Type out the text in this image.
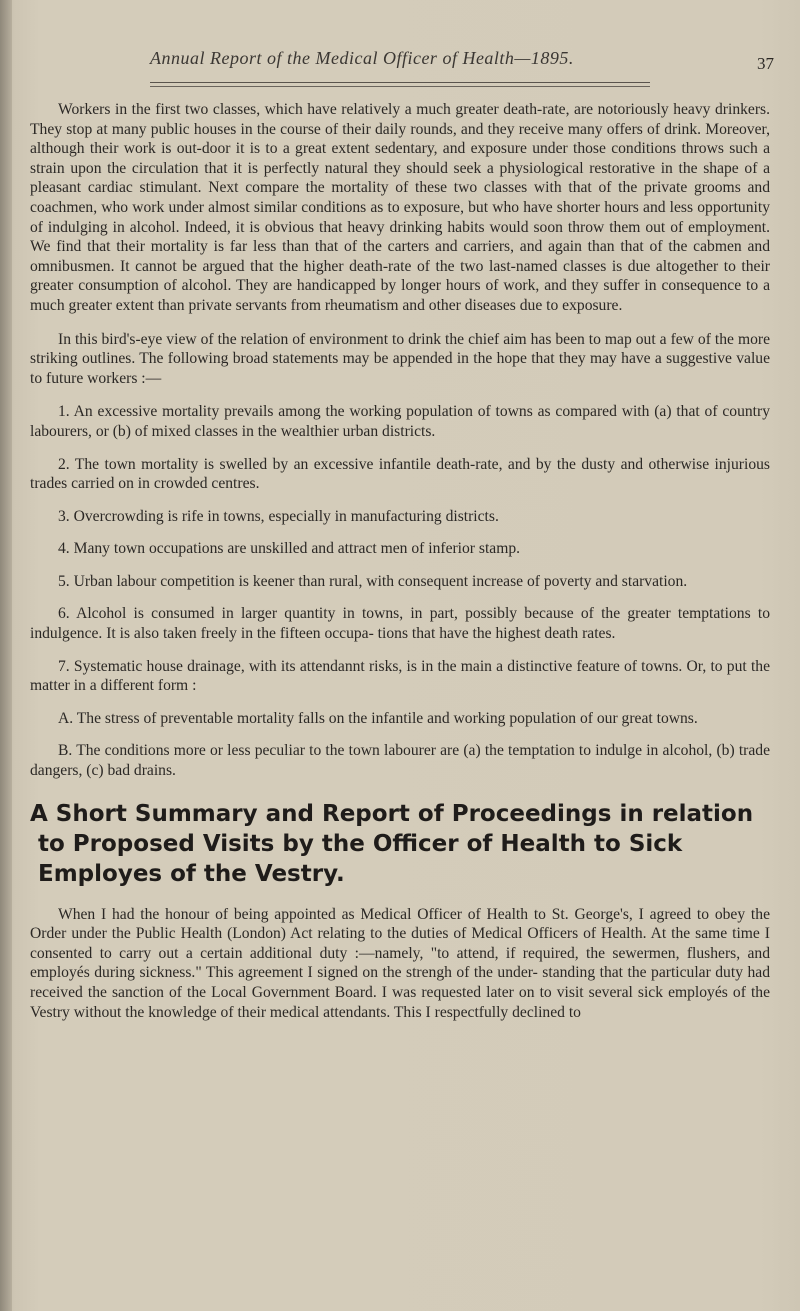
Annual Report of the Medical Officer of Health—1895.	37

Workers in the first two classes, which have relatively a much greater death-rate, are notoriously heavy drinkers. They stop at many public houses in the course of their daily rounds, and they receive many offers of drink. Moreover, although their work is out-door it is to a great extent sedentary, and exposure under those conditions throws such a strain upon the circulation that it is perfectly natural they should seek a physiological restorative in the shape of a pleasant cardiac stimulant. Next compare the mortality of these two classes with that of the private grooms and coachmen, who work under almost similar conditions as to exposure, but who have shorter hours and less opportunity of indulging in alcohol. Indeed, it is obvious that heavy drinking habits would soon throw them out of employment. We find that their mortality is far less than that of the carters and carriers, and again than that of the cabmen and omnibusmen. It cannot be argued that the higher death-rate of the two last-named classes is due altogether to their greater consumption of alcohol. They are handicapped by longer hours of work, and they suffer in consequence to a much greater extent than private servants from rheumatism and other diseases due to exposure.

In this bird's-eye view of the relation of environment to drink the chief aim has been to map out a few of the more striking outlines. The following broad statements may be appended in the hope that they may have a suggestive value to future workers :—

1. An excessive mortality prevails among the working population of towns as compared with (a) that of country labourers, or (b) of mixed classes in the wealthier urban districts.

2. The town mortality is swelled by an excessive infantile death-rate, and by the dusty and otherwise injurious trades carried on in crowded centres.

3. Overcrowding is rife in towns, especially in manufacturing districts.

4. Many town occupations are unskilled and attract men of inferior stamp.

5. Urban labour competition is keener than rural, with consequent increase of poverty and starvation.

6. Alcohol is consumed in larger quantity in towns, in part, possibly because of the greater temptations to indulgence. It is also taken freely in the fifteen occupa- tions that have the highest death rates.

7. Systematic house drainage, with its attendannt risks, is in the main a distinctive feature of towns. Or, to put the matter in a different form :

A. The stress of preventable mortality falls on the infantile and working population of our great towns.

B. The conditions more or less peculiar to the town labourer are (a) the temptation to indulge in alcohol, (b) trade dangers, (c) bad drains.

A Short Summary and Report of Proceedings in relation to Proposed Visits by the Officer of Health to Sick Employes of the Vestry.

When I had the honour of being appointed as Medical Officer of Health to St. George's, I agreed to obey the Order under the Public Health (London) Act relating to the duties of Medical Officers of Health. At the same time I consented to carry out a certain additional duty :—namely, "to attend, if required, the sewermen, flushers, and employés during sickness." This agreement I signed on the strengh of the under- standing that the particular duty had received the sanction of the Local Government Board. I was requested later on to visit several sick employés of the Vestry without the knowledge of their medical attendants. This I respectfully declined to
